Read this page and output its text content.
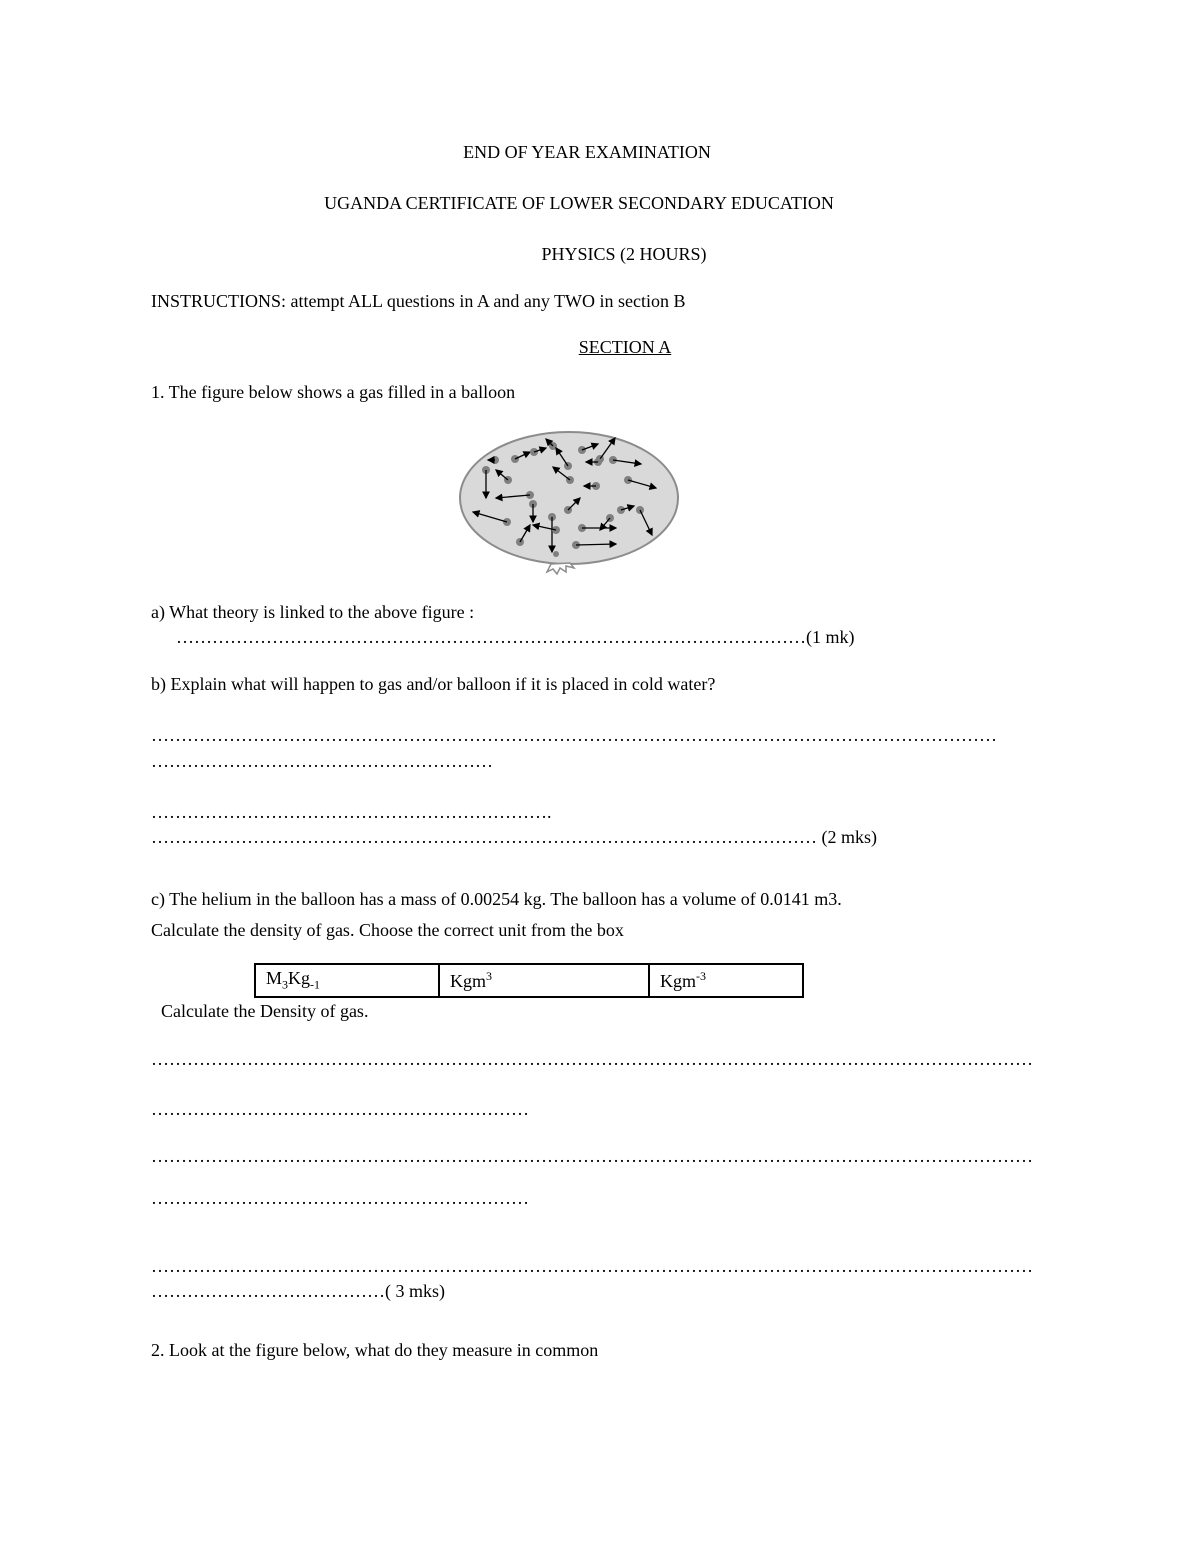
END OF YEAR EXAMINATION
UGANDA CERTIFICATE OF LOWER SECONDARY EDUCATION
PHYSICS (2 HOURS)
INSTRUCTIONS: attempt ALL questions in A and any TWO in section B
SECTION A
1. The figure below shows a gas filled in a balloon
a) What theory is linked to the above figure :
……………………………………………………………………………………………(1 mk)
b) Explain what will happen to gas and/or balloon if it is placed in cold water?
……………………………………………………………………………………………………………………………
…………………………………………………
………………………………………………………….
………………………………………………………………………………………………… (2 mks)
c) The helium in the balloon has a mass of 0.00254 kg. The balloon has a volume of 0.0141 m3.
Calculate the density of gas. Choose the correct unit from the box
$M_3Kg_{-1}$	Kgm$^3$	Kgm$^{-3}$
Calculate the Density of gas.
…………………………………………………………………………………………………………………………………
………………………………………………………
…………………………………………………………………………………………………………………………………
………………………………………………………
…………………………………………………………………………………………………………………………………
…………………………………( 3 mks)
2. Look at the figure below, what do they measure in common
